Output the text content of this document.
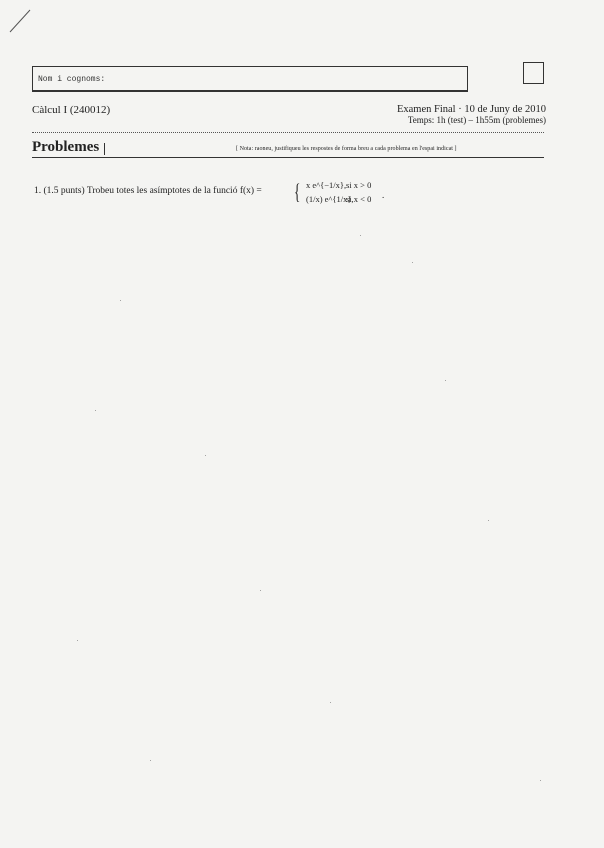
Nom i cognoms:
Càlcul I (240012)	Examen Final · 10 de Juny de 2010
Temps: 1h (test) – 1h55m (problemes)
Problemes	[ Nota: raoneu, justifiqueu les respostes de forma breu a cada problema en l'espai indicat ]
1. (1.5 punts) Trobeu totes les asímptotes de la funció f(x) = { x e^{−1/x}, si x > 0
(1/x) e^{1/x},
si x < 0 .
